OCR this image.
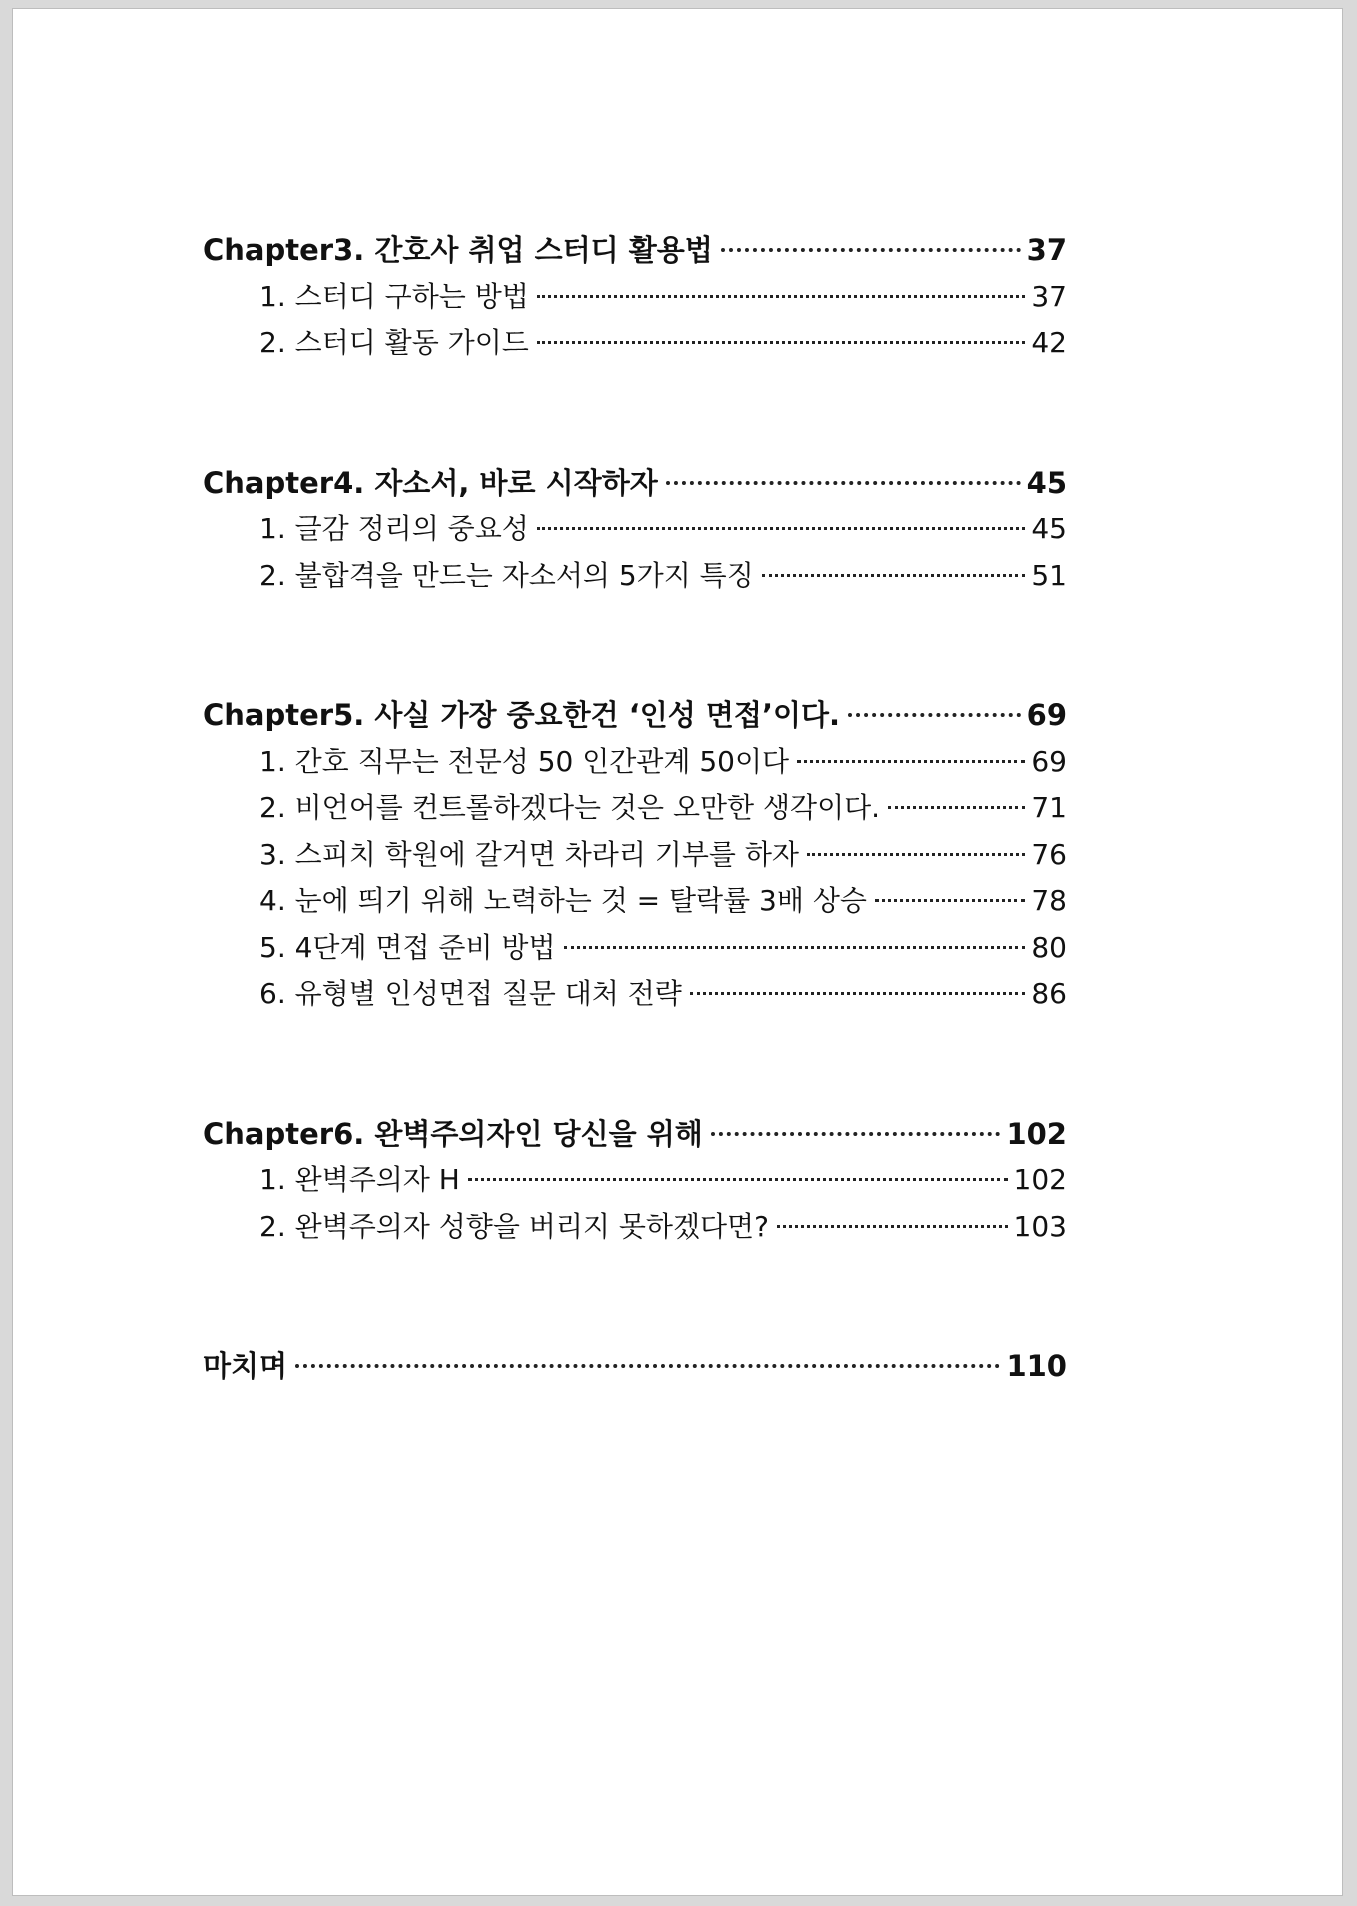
Chapter3. 간호사 취업 스터디 활용법	37
1. 스터디 구하는 방법	37
2. 스터디 활동 가이드	42
Chapter4. 자소서, 바로 시작하자	45
1. 글감 정리의 중요성	45
2. 불합격을 만드는 자소서의 5가지 특징	51
Chapter5. 사실 가장 중요한건 ‘인성 면접’이다.	69
1. 간호 직무는 전문성 50 인간관계 50이다	69
2. 비언어를 컨트롤하겠다는 것은 오만한 생각이다.	71
3. 스피치 학원에 갈거면 차라리 기부를 하자	76
4. 눈에 띄기 위해 노력하는 것 = 탈락률 3배 상승	78
5. 4단계 면접 준비 방법	80
6. 유형별 인성면접 질문 대처 전략	86
Chapter6. 완벽주의자인 당신을 위해	102
1. 완벽주의자 H	102
2. 완벽주의자 성향을 버리지 못하겠다면?	103
마치며	110
